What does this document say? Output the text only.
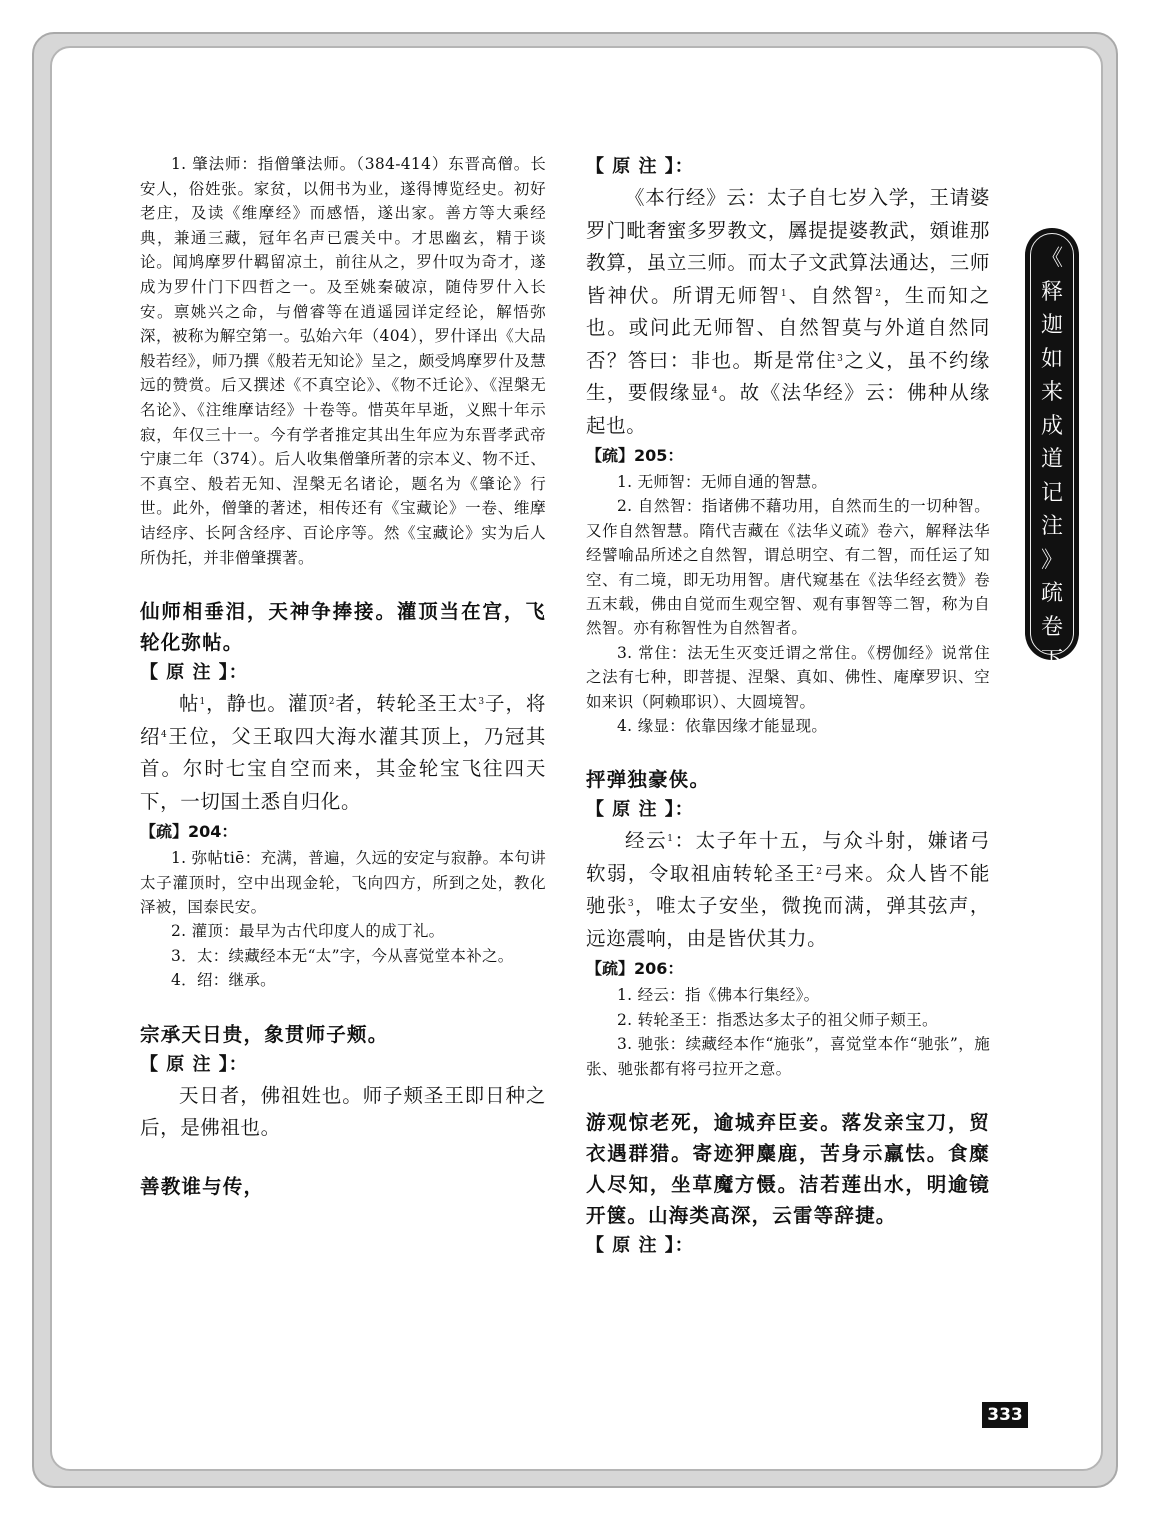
1. 肇法师：指僧肇法师。（384-414）东晋高僧。长安人，俗姓张。家贫，以佣书为业，遂得博览经史。初好老庄，及读《维摩经》而感悟，遂出家。善方等大乘经典，兼通三藏，冠年名声已震关中。才思幽玄，精于谈论。闻鸠摩罗什羁留凉土，前往从之，罗什叹为奇才，遂成为罗什门下四哲之一。及至姚秦破凉，随侍罗什入长安。禀姚兴之命，与僧睿等在逍遥园详定经论，解悟弥深，被称为解空第一。弘始六年（404），罗什译出《大品般若经》，师乃撰《般若无知论》呈之，颇受鸠摩罗什及慧远的赞赏。后又撰述《不真空论》、《物不迁论》、《涅槃无名论》、《注维摩诘经》十卷等。惜英年早逝，义熙十年示寂，年仅三十一。今有学者推定其出生年应为东晋孝武帝宁康二年（374）。后人收集僧肇所著的宗本义、物不迁、不真空、般若无知、涅槃无名诸论，题名为《肇论》行世。此外，僧肇的著述，相传还有《宝藏论》一卷、维摩诘经序、长阿含经序、百论序等。然《宝藏论》实为后人所伪托，并非僧肇撰著。

仙师相垂泪，天神争捧接。灌顶当在宫，飞轮化弥帖。

【 原 注 】：

帖$^1$，静也。灌顶$^2$者，转轮圣王太$^3$子，将绍$^4$王位，父王取四大海水灌其顶上，乃冠其首。尔时七宝自空而来，其金轮宝飞往四天下，一切国土悉自归化。

【疏】204：

1. 弥帖tiē：充满，普遍，久远的安定与寂静。本句讲太子灌顶时，空中出现金轮，飞向四方，所到之处，教化泽被，国泰民安。

2. 灌顶：最早为古代印度人的成丁礼。

3．太：续藏经本无“太”字，今从喜觉堂本补之。

4．绍：继承。

宗承天日贵，象贯师子颊。

【 原 注 】：

天日者，佛祖姓也。师子颊圣王即日种之后，是佛祖也。

善教谁与传，

【 原 注 】：

《本行经》云：太子自七岁入学，王请婆罗门毗奢蜜多罗教文，羼提提婆教武，頞谁那教算，虽立三师。而太子文武算法通达，三师皆神伏。所谓无师智$^1$、自然智$^2$，生而知之也。或问此无师智、自然智莫与外道自然同否？答曰：非也。斯是常住$^3$之义，虽不约缘生，要假缘显$^4$。故《法华经》云：佛种从缘起也。

【疏】205：

1. 无师智：无师自通的智慧。

2. 自然智：指诸佛不藉功用，自然而生的一切种智。又作自然智慧。隋代吉藏在《法华义疏》卷六，解释法华经譬喻品所述之自然智，谓总明空、有二智，而任运了知空、有二境，即无功用智。唐代窥基在《法华经玄赞》卷五末载，佛由自觉而生观空智、观有事智等二智，称为自然智。亦有称智性为自然智者。

3. 常住：法无生灭变迁谓之常住。《楞伽经》说常住之法有七种，即菩提、涅槃、真如、佛性、庵摩罗识、空如来识（阿赖耶识）、大圆境智。

4. 缘显：依靠因缘才能显现。

抨弹独豪侠。

【 原 注 】：

经云$^1$：太子年十五，与众斗射，嫌诸弓软弱，令取祖庙转轮圣王$^2$弓来。众人皆不能驰张$^3$，唯太子安坐，微挽而满，弹其弦声，远迩震响，由是皆伏其力。

【疏】206：

1. 经云：指《佛本行集经》。

2. 转轮圣王：指悉达多太子的祖父师子颊王。

3. 驰张：续藏经本作“施张”，喜觉堂本作“驰张”，施张、驰张都有将弓拉开之意。

游观惊老死，逾城弃臣妾。落发亲宝刀，贸衣遇群猎。寄迹狎麋鹿，苦身示羸怯。食糜人尽知，坐草魔方慑。洁若莲出水，明逾镜开箧。山海类高深，云雷等辞捷。

【 原 注 】：

《
释
迦
如
来
成
道
记
注
》
疏
卷
下
333
